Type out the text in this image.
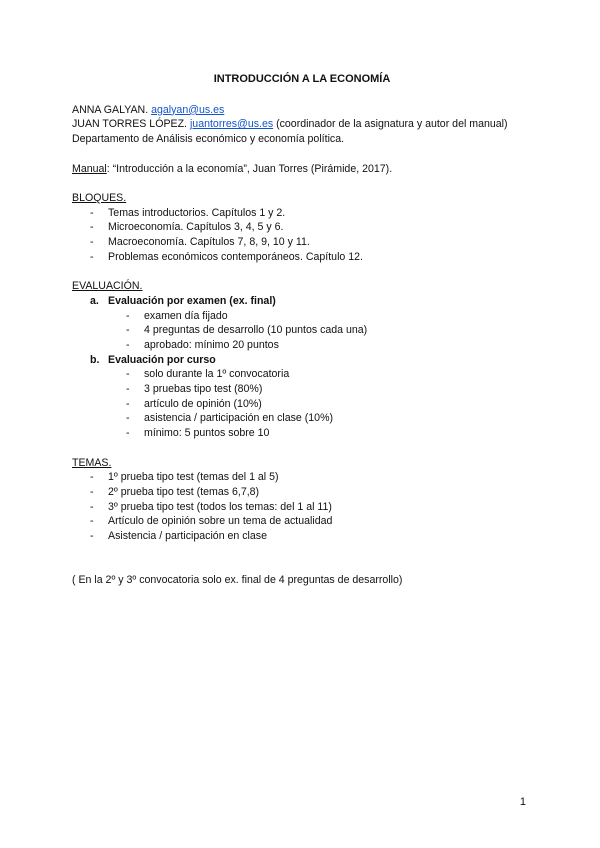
INTRODUCCIÓN A LA ECONOMÍA
ANNA GALYAN. agalyan@us.es
JUAN TORRES LÓPEZ. juantorres@us.es (coordinador de la asignatura y autor del manual)
Departamento de Análisis económico y economía política.
Manual: “Introducción a la economía”, Juan Torres (Pirámide, 2017).
BLOQUES.
- Temas introductorios. Capítulos 1 y 2.
- Microeconomía. Capítulos 3, 4, 5 y 6.
- Macroeconomía. Capítulos 7, 8, 9, 10 y 11.
- Problemas económicos contemporáneos. Capítulo 12.
EVALUACIÓN.
a. Evaluación por examen (ex. final)
- examen día fijado
- 4 preguntas de desarrollo (10 puntos cada una)
- aprobado: mínimo 20 puntos
b. Evaluación por curso
- solo durante la 1º convocatoria
- 3 pruebas tipo test (80%)
- artículo de opinión (10%)
- asistencia / participación en clase (10%)
- mínimo: 5 puntos sobre 10
TEMAS.
- 1º prueba tipo test (temas del 1 al 5)
- 2º prueba tipo test (temas 6,7,8)
- 3º prueba tipo test (todos los temas: del 1 al 11)
- Artículo de opinión sobre un tema de actualidad
- Asistencia / participación en clase
( En la 2º y 3º convocatoria solo ex. final de 4 preguntas de desarrollo)
1
